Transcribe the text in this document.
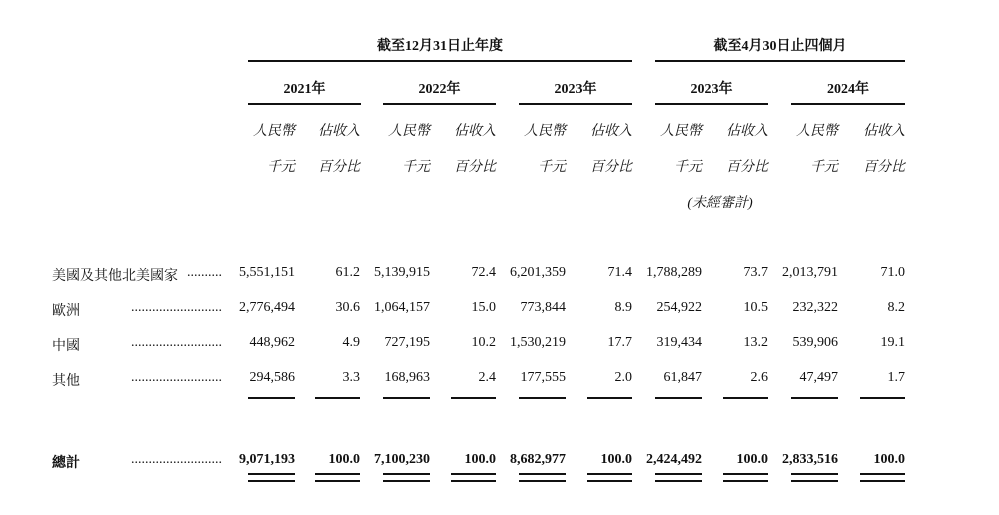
截至12月31日止年度	截至4月30日止四個月
2021年	2022年	2023年	2023年	2024年
人民幣	佔收入	人民幣	佔收入	人民幣	佔收入	人民幣	佔收入	人民幣	佔收入
千元	百分比	千元	百分比	千元	百分比	千元	百分比	千元	百分比
(未經審計)
美國及其他北美國家 ..........	5,551,151	61.2	5,139,915	72.4	6,201,359	71.4	1,788,289	73.7	2,013,791	71.0
歐洲	..........................	2,776,494	30.6	1,064,157	15.0	773,844	8.9	254,922	10.5	232,322	8.2
中國	..........................	448,962	4.9	727,195	10.2	1,530,219	17.7	319,434	13.2	539,906	19.1
其他	..........................	294,586	3.3	168,963	2.4	177,555	2.0	61,847	2.6	47,497	1.7
總計	..........................	9,071,193	100.0	7,100,230	100.0	8,682,977	100.0	2,424,492	100.0	2,833,516	100.0
